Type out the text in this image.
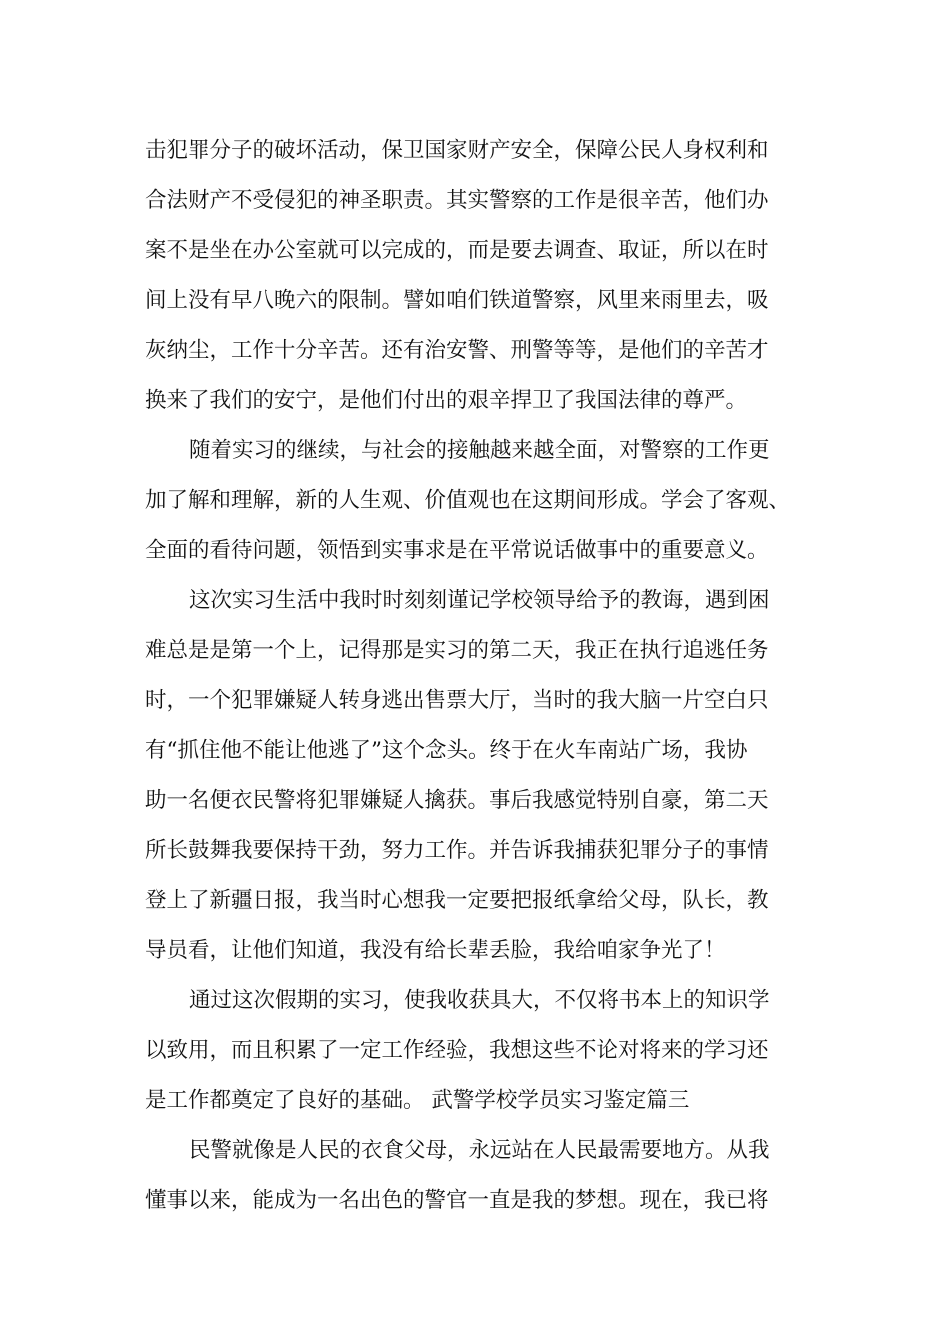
击犯罪分子的破坏活动，保卫国家财产安全，保障公民人身权利和
合法财产不受侵犯的神圣职责。其实警察的工作是很辛苦，他们办
案不是坐在办公室就可以完成的，而是要去调查、取证，所以在时
间上没有早八晚六的限制。譬如咱们铁道警察，风里来雨里去，吸
灰纳尘，工作十分辛苦。还有治安警、刑警等等，是他们的辛苦才
换来了我们的安宁，是他们付出的艰辛捍卫了我国法律的尊严。
随着实习的继续，与社会的接触越来越全面，对警察的工作更
加了解和理解，新的人生观、价值观也在这期间形成。学会了客观、
全面的看待问题，领悟到实事求是在平常说话做事中的重要意义。
这次实习生活中我时时刻刻谨记学校领导给予的教诲，遇到困
难总是是第一个上，记得那是实习的第二天，我正在执行追逃任务
时，一个犯罪嫌疑人转身逃出售票大厅，当时的我大脑一片空白只
有“抓住他不能让他逃了”这个念头。终于在火车南站广场，我协
助一名便衣民警将犯罪嫌疑人擒获。事后我感觉特别自豪，第二天
所长鼓舞我要保持干劲，努力工作。并告诉我捕获犯罪分子的事情
登上了新疆日报，我当时心想我一定要把报纸拿给父母，队长，教
导员看，让他们知道，我没有给长辈丢脸，我给咱家争光了！
通过这次假期的实习，使我收获具大，不仅将书本上的知识学
以致用，而且积累了一定工作经验，我想这些不论对将来的学习还
是工作都奠定了良好的基础。 武警学校学员实习鉴定篇三
民警就像是人民的衣食父母，永远站在人民最需要地方。从我
懂事以来，能成为一名出色的警官一直是我的梦想。现在，我已将
